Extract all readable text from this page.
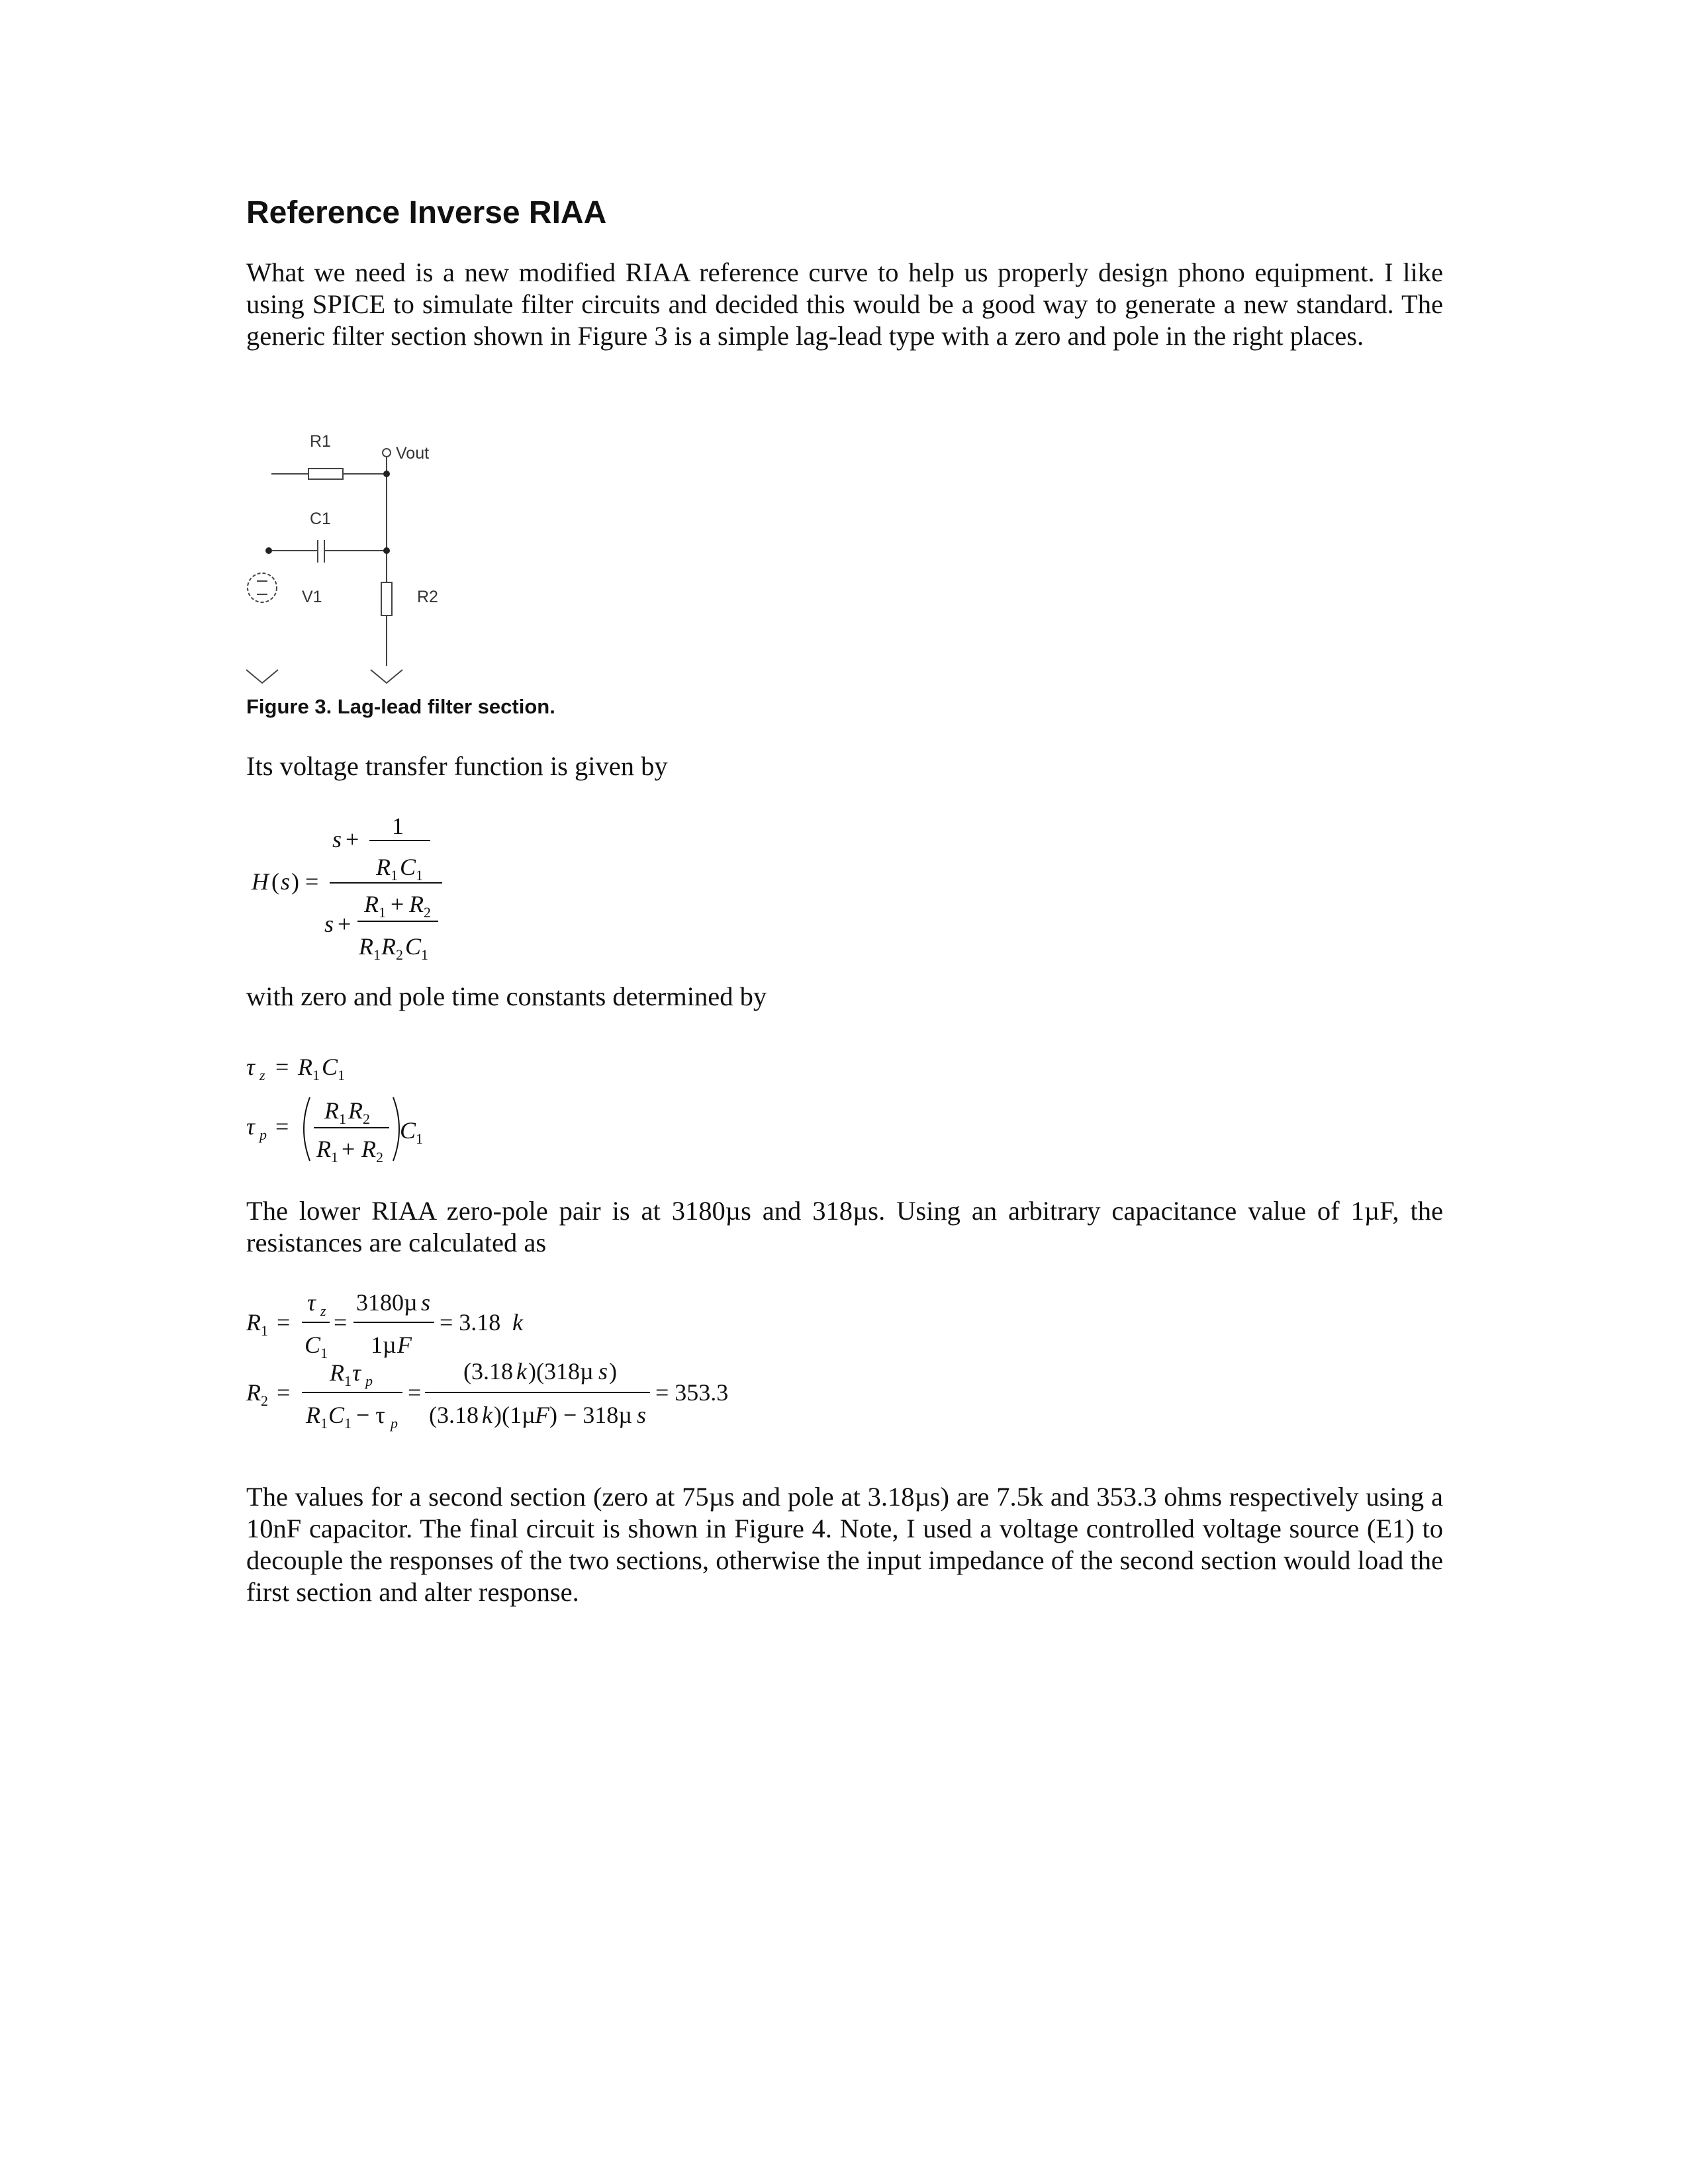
Reference Inverse RIAA

What we need is a new modified RIAA reference curve to help us properly design phono equipment. I like using SPICE to simulate filter circuits and decided this would be a good way to generate a new standard. The generic filter section shown in Figure 3 is a simple lag-lead type with a zero and pole in the right places.

R1
Vout
C1
V1	R2

Figure 3. Lag-lead filter section.

Its voltage transfer function is given by

H ( s ) =
s + 1
R 1 C 1
s +
R 1 + R 2
R 1 R 2 C 1

with zero and pole time constants determined by

τ z = R 1 C 1
τ p =
R 1 R 2
R 1 + R 2
C 1

The lower RIAA zero-pole pair is at 3180µs and 318µs. Using an arbitrary capacitance value of 1µF, the resistances are calculated as

R 1 =
τ z
C 1
=
3180µ s
1µ F
= 3.18 k
R 2 =
R 1 τ p
R 1 C 1 − τ p
=
(3.18 k )(318µ s )
(3.18 k )(1µ F ) − 318µ s
= 353.3

The values for a second section (zero at 75µs and pole at 3.18µs) are 7.5k and 353.3 ohms respectively using a 10nF capacitor. The final circuit is shown in Figure 4. Note, I used a voltage controlled voltage source (E1) to decouple the responses of the two sections, otherwise the input impedance of the second section would load the first section and alter response.
